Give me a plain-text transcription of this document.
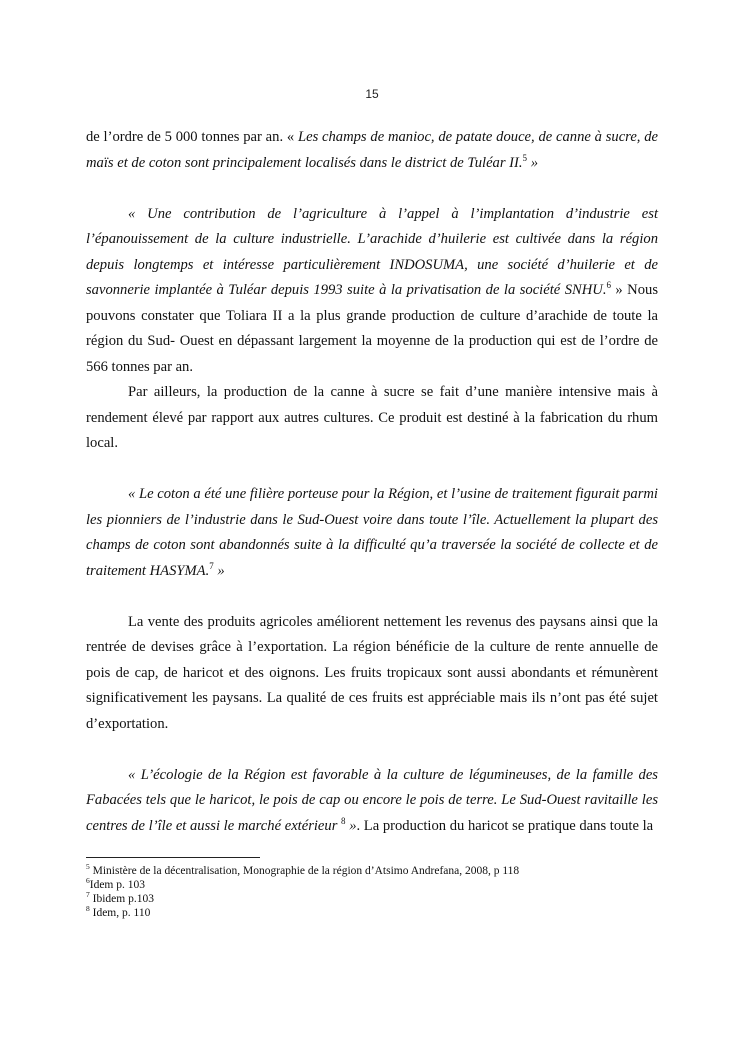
15

de l’ordre de 5 000 tonnes par an. « Les champs de manioc, de patate douce, de canne à sucre, de maïs et de coton sont principalement localisés dans le district de Tuléar II.$^5$ »

« Une contribution de l’agriculture à l’appel à l’implantation d’industrie est l’épanouissement de la culture industrielle. L’arachide d’huilerie est cultivée dans la région depuis longtemps et intéresse particulièrement INDOSUMA, une société d’huilerie et de savonnerie implantée à Tuléar depuis 1993 suite à la privatisation de la société SNHU.$^6$ » Nous pouvons constater que Toliara II a la plus grande production de culture d’arachide de toute la région du Sud- Ouest en dépassant largement la moyenne de la production qui est de l’ordre de 566 tonnes par an.

Par ailleurs, la production de la canne à sucre se fait d’une manière intensive mais à rendement élevé par rapport aux autres cultures. Ce produit est destiné à la fabrication du rhum local.

« Le coton a été une filière porteuse pour la Région, et l’usine de traitement figurait parmi les pionniers de l’industrie dans le Sud-Ouest voire dans toute l’île. Actuellement la plupart des champs de coton sont abandonnés suite à la difficulté qu’a traversée la société de collecte et de traitement HASYMA.$^7$ »

La vente des produits agricoles améliorent nettement les revenus des paysans ainsi que la rentrée de devises grâce à l’exportation. La région bénéficie de la culture de rente annuelle de pois de cap, de haricot et des oignons. Les fruits tropicaux sont aussi abondants et rémunèrent significativement les paysans. La qualité de ces fruits est appréciable mais ils n’ont pas été sujet d’exportation.

« L’écologie de la Région est favorable à la culture de légumineuses, de la famille des Fabacées tels que le haricot, le pois de cap ou encore le pois de terre. Le Sud-Ouest ravitaille les centres de l’île et aussi le marché extérieur $^8$ ». La production du haricot se pratique dans toute la

$^5$ Ministère de la décentralisation, Monographie de la région d’Atsimo Andrefana, 2008, p 118
$^6$Idem p. 103
$^7$ Ibidem p.103
$^8$ Idem, p. 110
